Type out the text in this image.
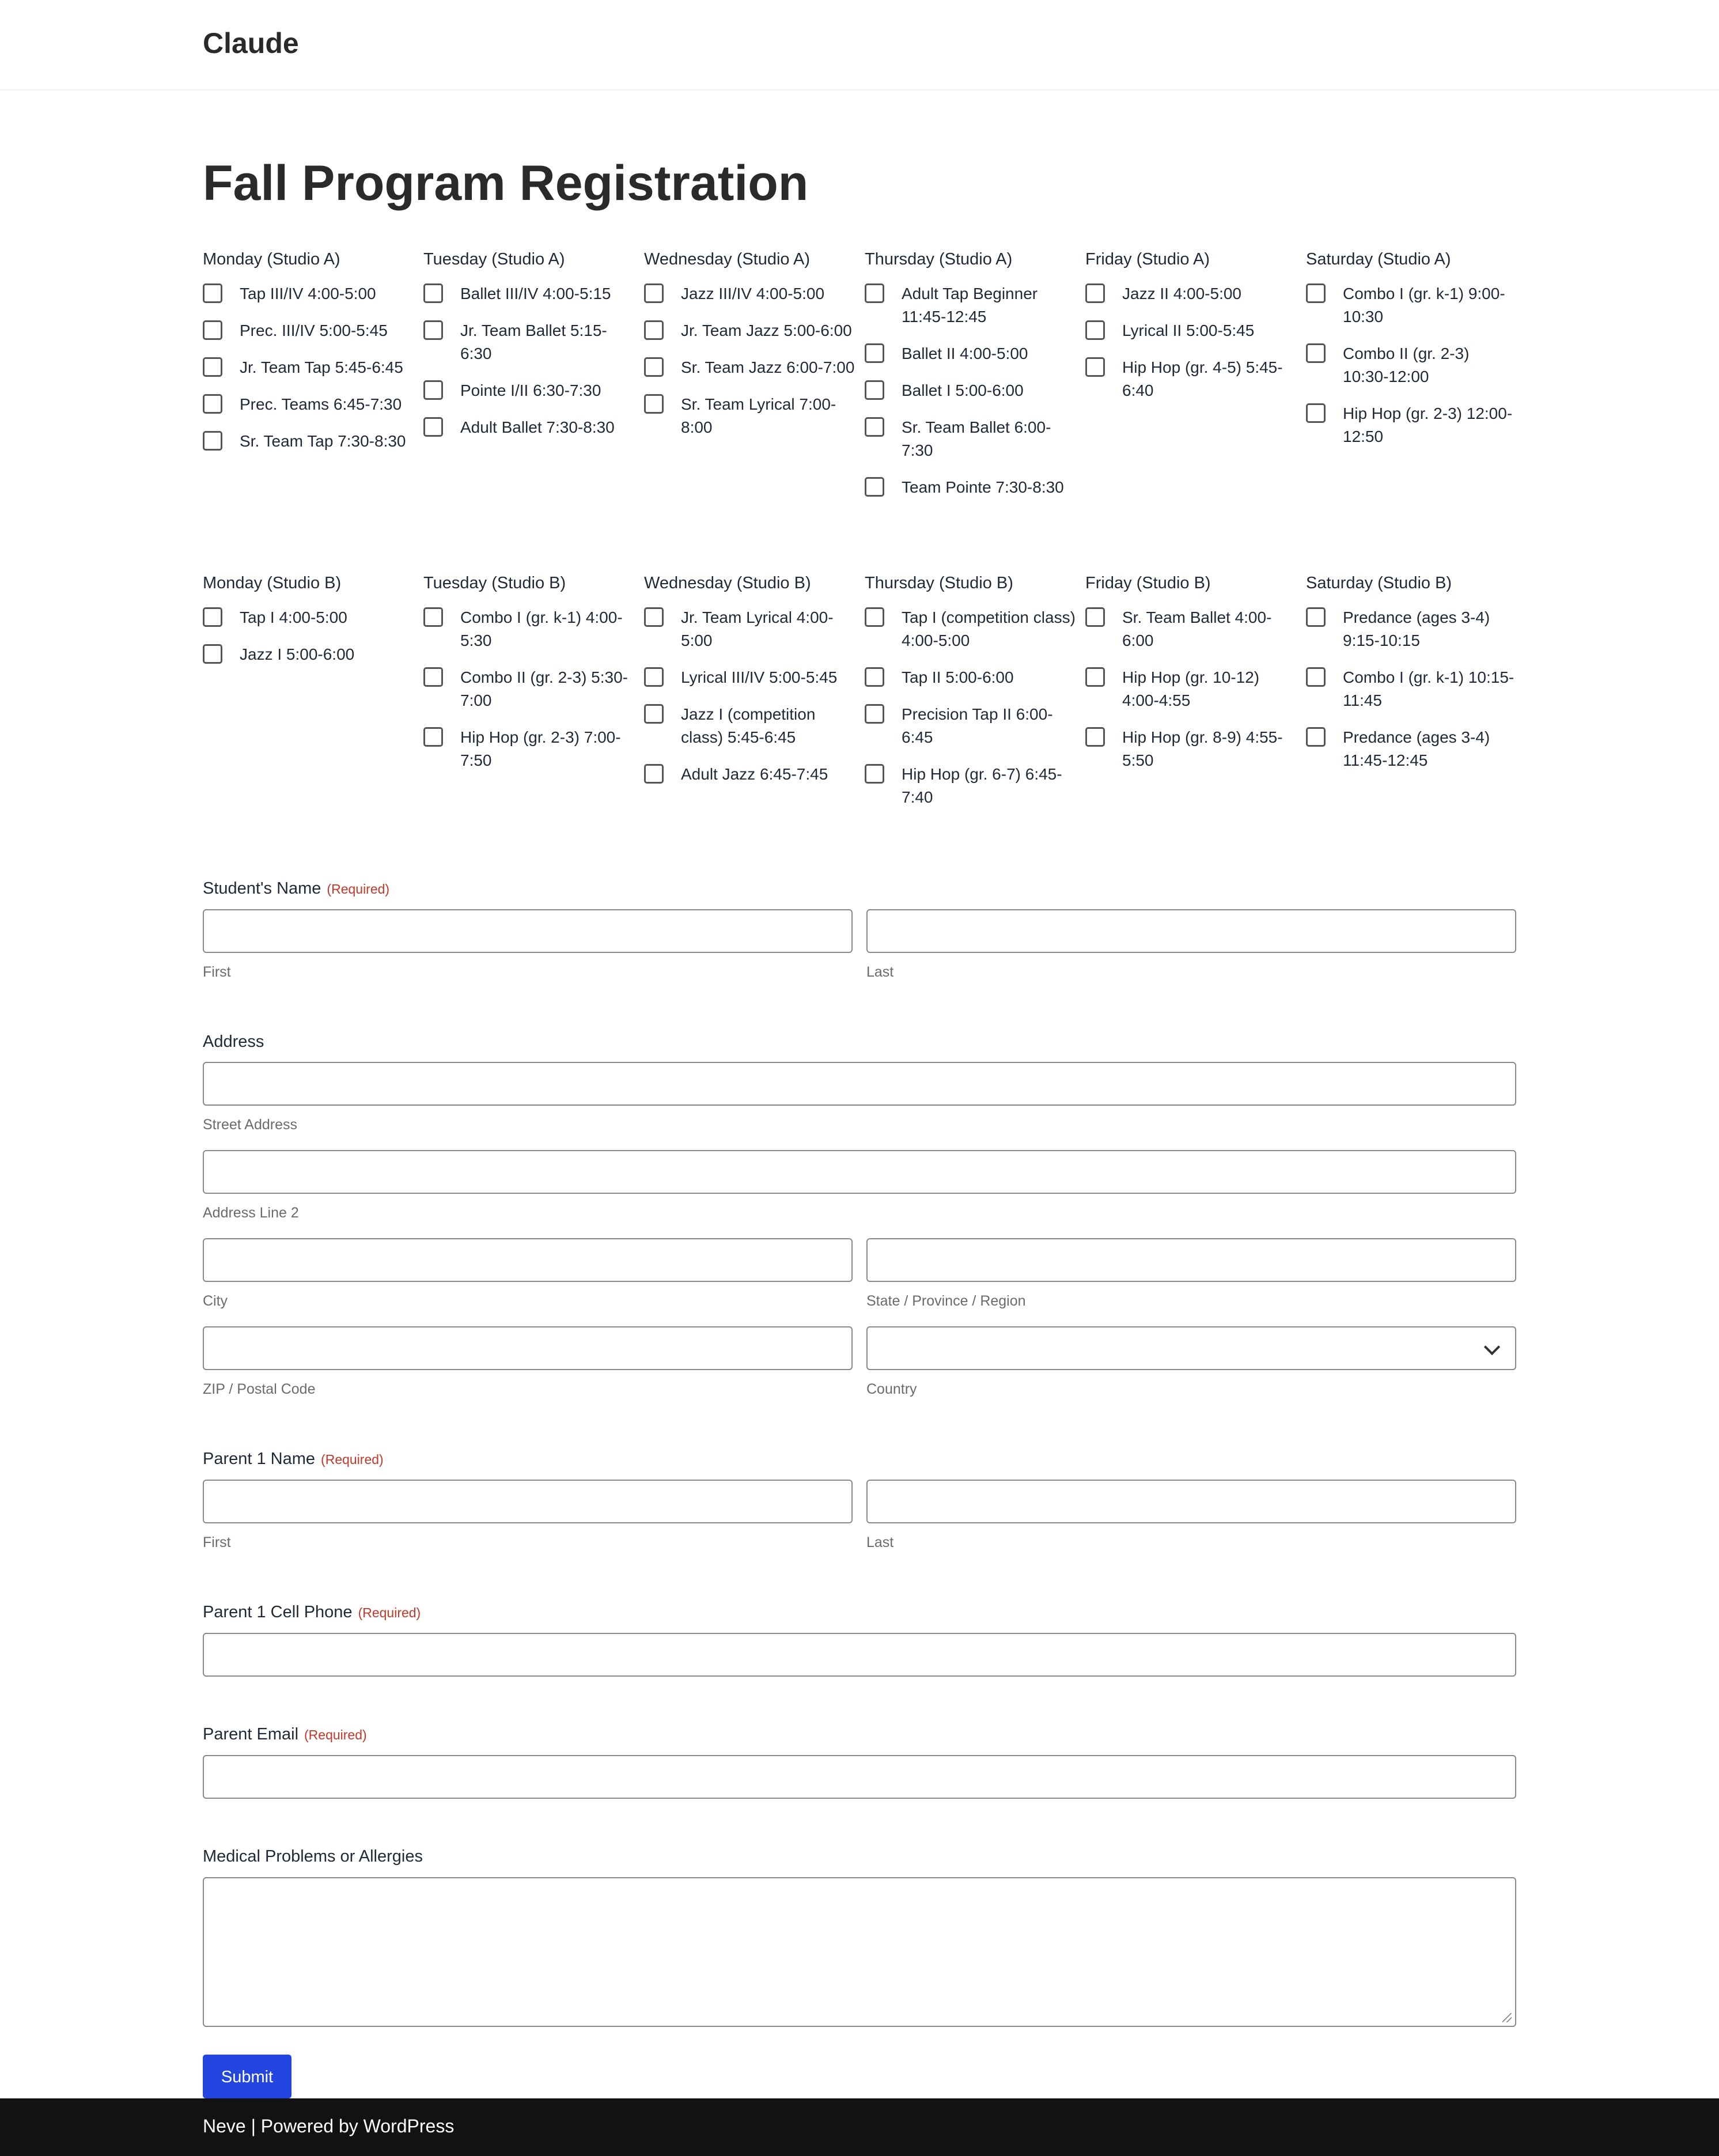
Claude
Fall Program Registration
Monday (Studio A)
Tap III/IV 4:00-5:00
Prec. III/IV 5:00-5:45
Jr. Team Tap 5:45-6:45
Prec. Teams 6:45-7:30
Sr. Team Tap 7:30-8:30
Tuesday (Studio A)
Ballet III/IV 4:00-5:15
Jr. Team Ballet 5:15-6:30
Pointe I/II 6:30-7:30
Adult Ballet 7:30-8:30
Wednesday (Studio A)
Jazz III/IV 4:00-5:00
Jr. Team Jazz 5:00-6:00
Sr. Team Jazz 6:00-7:00
Sr. Team Lyrical 7:00-8:00
Thursday (Studio A)
Adult Tap Beginner 11:45-12:45
Ballet II 4:00-5:00
Ballet I 5:00-6:00
Sr. Team Ballet 6:00-7:30
Team Pointe 7:30-8:30
Friday (Studio A)
Jazz II 4:00-5:00
Lyrical II 5:00-5:45
Hip Hop (gr. 4-5) 5:45-6:40
Saturday (Studio A)
Combo I (gr. k-1) 9:00-10:30
Combo II (gr. 2-3) 10:30-12:00
Hip Hop (gr. 2-3) 12:00-12:50
Monday (Studio B)
Tap I 4:00-5:00
Jazz I 5:00-6:00
Tuesday (Studio B)
Combo I (gr. k-1) 4:00-5:30
Combo II (gr. 2-3) 5:30-7:00
Hip Hop (gr. 2-3) 7:00-7:50
Wednesday (Studio B)
Jr. Team Lyrical 4:00-5:00
Lyrical III/IV 5:00-5:45
Jazz I (competition class) 5:45-6:45
Adult Jazz 6:45-7:45
Thursday (Studio B)
Tap I (competition class) 4:00-5:00
Tap II 5:00-6:00
Precision Tap II 6:00-6:45
Hip Hop (gr. 6-7) 6:45-7:40
Friday (Studio B)
Sr. Team Ballet 4:00-6:00
Hip Hop (gr. 10-12) 4:00-4:55
Hip Hop (gr. 8-9) 4:55-5:50
Saturday (Studio B)
Predance (ages 3-4) 9:15-10:15
Combo I (gr. k-1) 10:15-11:45
Predance (ages 3-4) 11:45-12:45
Student's Name (Required)
First	Last
Address
Street Address
Address Line 2
City	State / Province / Region
ZIP / Postal Code	Country
Parent 1 Name (Required)
First	Last
Parent 1 Cell Phone (Required)
Parent Email (Required)
Medical Problems or Allergies
Submit
Neve | Powered by WordPress
